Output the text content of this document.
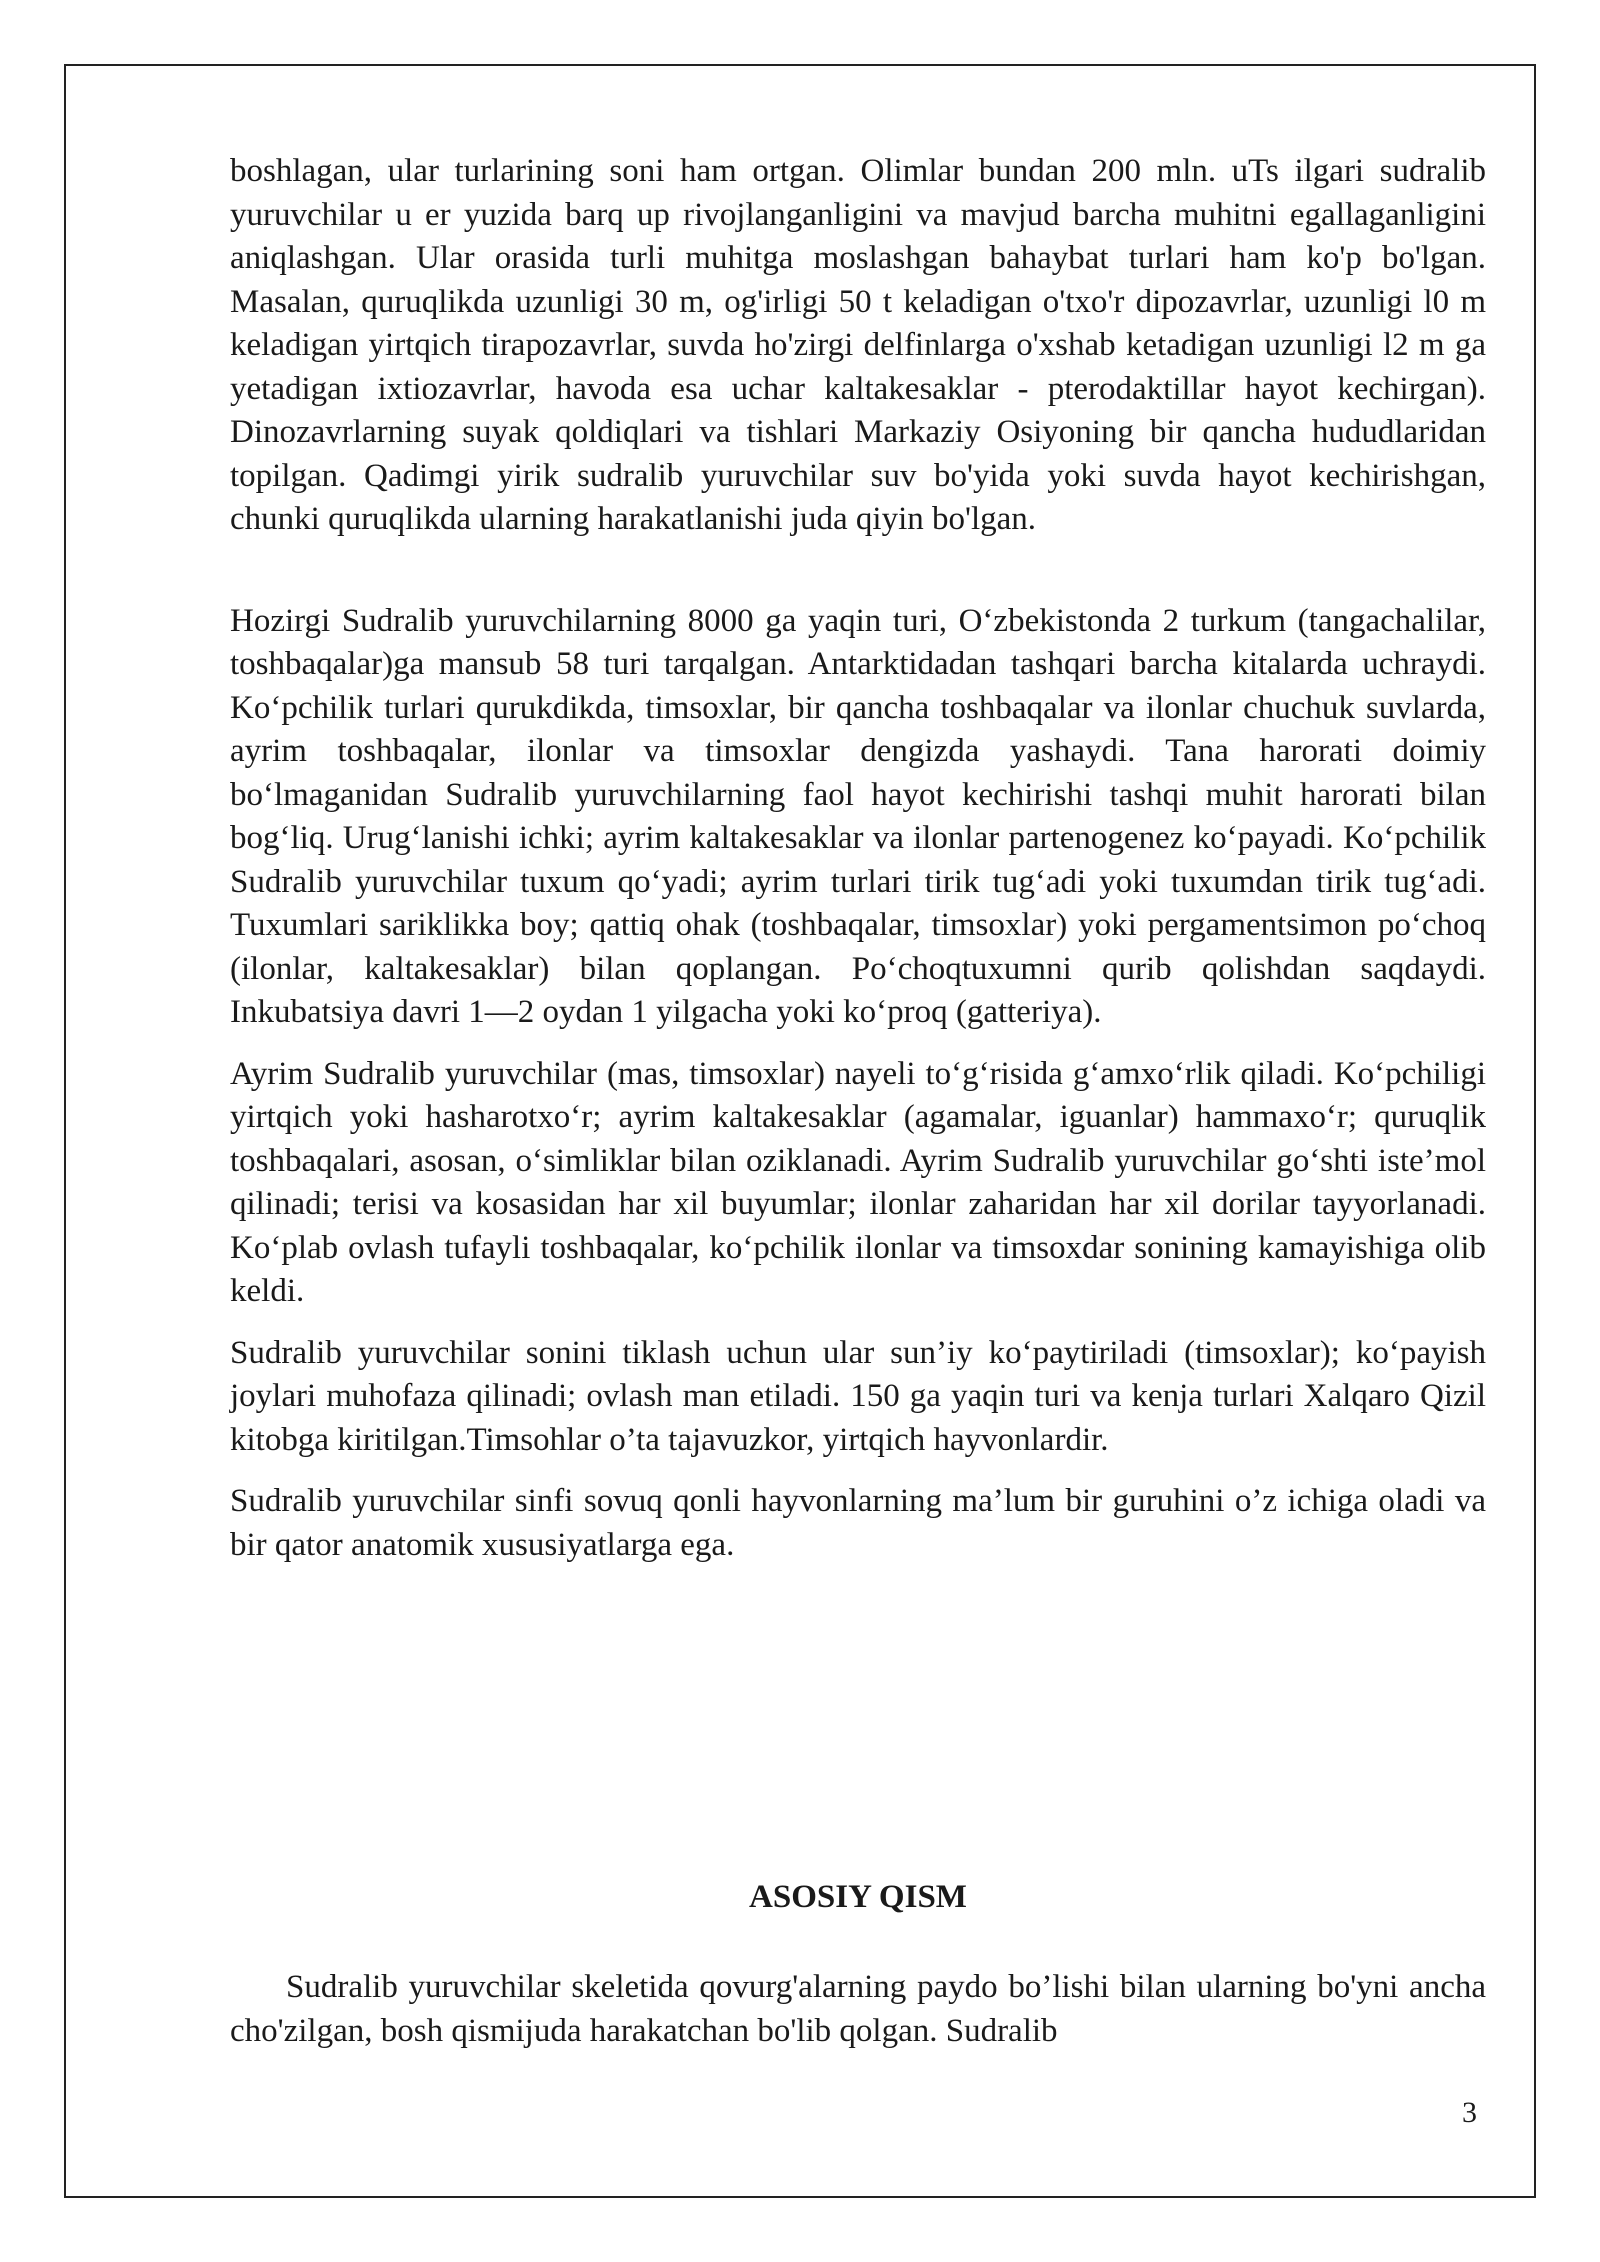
boshlagan, ular turlarining soni ham ortgan. Olimlar bundan 200 mln. uTs ilgari sudralib yuruvchilar u er yuzida barq up rivojlanganligini va mavjud barcha muhitni egallaganligini aniqlashgan. Ular orasida turli muhitga moslashgan bahaybat turlari ham ko'p bo'lgan. Masalan, quruqlikda uzunligi 30 m, og'irligi 50 t keladigan o'txo'r dipozavrlar, uzunligi l0 m keladigan yirtqich tirapozavrlar, suvda ho'zirgi delfinlarga o'xshab ketadigan uzunligi l2 m ga yetadigan ixtiozavrlar, havoda esa uchar kaltakesaklar - pterodaktillar hayot kechirgan). Dinozavrlarning suyak qoldiqlari va tishlari Markaziy Osiyoning bir qancha hududlaridan topilgan. Qadimgi yirik sudralib yuruvchilar suv bo'yida yoki suvda hayot kechirishgan, chunki quruqlikda ularning harakatlanishi juda qiyin bo'lgan.

Hozirgi Sudralib yuruvchilarning 8000 ga yaqin turi, O‘zbekistonda 2 turkum (tangachalilar, toshbaqalar)ga mansub 58 turi tarqalgan. Antarktidadan tashqari barcha kitalarda uchraydi. Ko‘pchilik turlari qurukdikda, timsoxlar, bir qancha toshbaqalar va ilonlar chuchuk suvlarda, ayrim toshbaqalar, ilonlar va timsoxlar dengizda yashaydi. Tana harorati doimiy bo‘lmaganidan Sudralib yuruvchilarning faol hayot kechirishi tashqi muhit harorati bilan bog‘liq. Urug‘lanishi ichki; ayrim kaltakesaklar va ilonlar partenogenez ko‘payadi. Ko‘pchilik Sudralib yuruvchilar tuxum qo‘yadi; ayrim turlari tirik tug‘adi yoki tuxumdan tirik tug‘adi. Tuxumlari sariklikka boy; qattiq ohak (toshbaqalar, timsoxlar) yoki pergamentsimon po‘choq (ilonlar, kaltakesaklar) bilan qoplangan. Po‘choqtuxumni qurib qolishdan saqdaydi. Inkubatsiya davri 1—2 oydan 1 yilgacha yoki ko‘proq (gatteriya).

Ayrim Sudralib yuruvchilar (mas, timsoxlar) nayeli to‘g‘risida g‘amxo‘rlik qiladi. Ko‘pchiligi yirtqich yoki hasharotxo‘r; ayrim kaltakesaklar (agamalar, iguanlar) hammaxo‘r; quruqlik toshbaqalari, asosan, o‘simliklar bilan oziklanadi. Ayrim Sudralib yuruvchilar go‘shti iste’mol qilinadi; terisi va kosasidan har xil buyumlar; ilonlar zaharidan har xil dorilar tayyorlanadi. Ko‘plab ovlash tufayli toshbaqalar, ko‘pchilik ilonlar va timsoxdar sonining kamayishiga olib keldi.

Sudralib yuruvchilar sonini tiklash uchun ular sun’iy ko‘paytiriladi (timsoxlar); ko‘payish joylari muhofaza qilinadi; ovlash man etiladi. 150 ga yaqin turi va kenja turlari Xalqaro Qizil kitobga kiritilgan.Timsohlar o’ta tajavuzkor, yirtqich hayvonlardir.

Sudralib yuruvchilar sinfi sovuq qonli hayvonlarning ma’lum bir guruhini o’z ichiga oladi va bir qator anatomik xususiyatlarga ega.

ASOSIY QISM

Sudralib yuruvchilar skeletida qovurg'alarning paydo bo’lishi bilan ularning bo'yni ancha cho'zilgan, bosh qismijuda harakatchan bo'lib qolgan. Sudralib

3
